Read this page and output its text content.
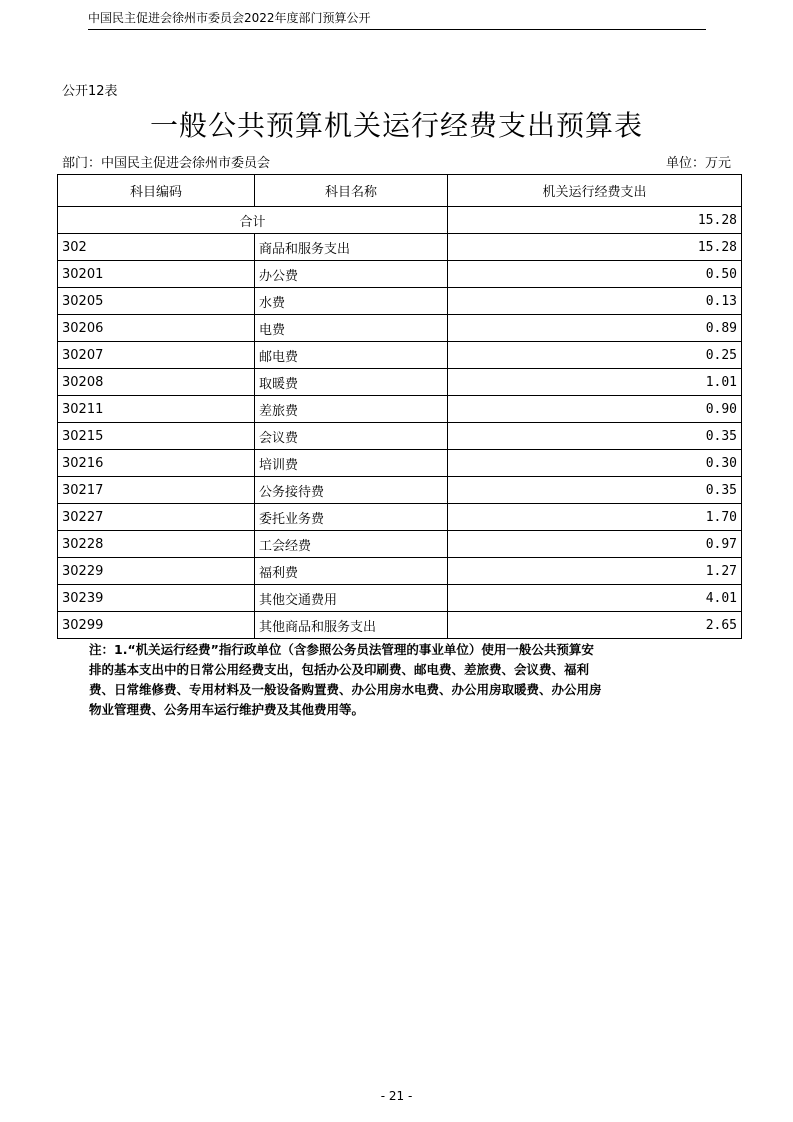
中国民主促进会徐州市委员会2022年度部门预算公开
公开12表
一般公共预算机关运行经费支出预算表
部门：中国民主促进会徐州市委员会	单位：万元
科目编码	科目名称	机关运行经费支出
合计		15.28
302	商品和服务支出	15.28
30201	办公费	0.50
30205	水费	0.13
30206	电费	0.89
30207	邮电费	0.25
30208	取暖费	1.01
30211	差旅费	0.90
30215	会议费	0.35
30216	培训费	0.30
30217	公务接待费	0.35
30227	委托业务费	1.70
30228	工会经费	0.97
30229	福利费	1.27
30239	其他交通费用	4.01
30299	其他商品和服务支出	2.65
注：1.“机关运行经费”指行政单位（含参照公务员法管理的事业单位）使用一般公共预算安
排的基本支出中的日常公用经费支出，包括办公及印刷费、邮电费、差旅费、会议费、福利
费、日常维修费、专用材料及一般设备购置费、办公用房水电费、办公用房取暖费、办公用房
物业管理费、公务用车运行维护费及其他费用等。
- 21 -
